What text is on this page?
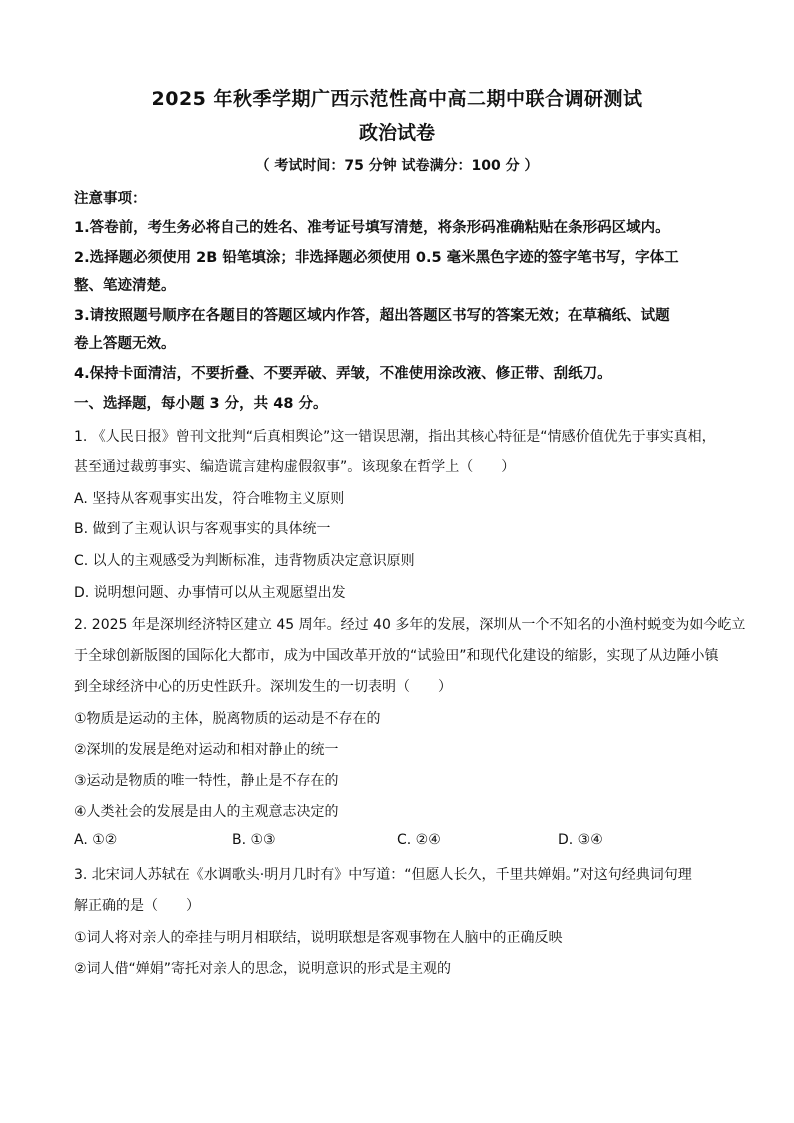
2025 年秋季学期广西示范性高中高二期中联合调研测试
政治试卷
（ 考试时间：75 分钟 试卷满分：100 分 ）
注意事项：
1.答卷前，考生务必将自己的姓名、准考证号填写清楚，将条形码准确粘贴在条形码区域内。
2.选择题必须使用 2B 铅笔填涂；非选择题必须使用 0.5 毫米黑色字迹的签字笔书写，字体工
整、笔迹清楚。
3.请按照题号顺序在各题目的答题区域内作答，超出答题区书写的答案无效；在草稿纸、试题
卷上答题无效。
4.保持卡面清洁，不要折叠、不要弄破、弄皱，不准使用涂改液、修正带、刮纸刀。
一、选择题，每小题 3 分，共 48 分。
1. 《人民日报》曾刊文批判“后真相舆论”这一错误思潮，指出其核心特征是“情感价值优先于事实真相，
甚至通过裁剪事实、编造谎言建构虚假叙事”。该现象在哲学上（　　）
A. 坚持从客观事实出发，符合唯物主义原则
B. 做到了主观认识与客观事实的具体统一
C. 以人的主观感受为判断标准，违背物质决定意识原则
D. 说明想问题、办事情可以从主观愿望出发
2. 2025 年是深圳经济特区建立 45 周年。经过 40 多年的发展，深圳从一个不知名的小渔村蜕变为如今屹立
于全球创新版图的国际化大都市，成为中国改革开放的“试验田”和现代化建设的缩影，实现了从边陲小镇
到全球经济中心的历史性跃升。深圳发生的一切表明（　　）
①物质是运动的主体，脱离物质的运动是不存在的
②深圳的发展是绝对运动和相对静止的统一
③运动是物质的唯一特性，静止是不存在的
④人类社会的发展是由人的主观意志决定的
A. ①②	B. ①③	C. ②④	D. ③④
3. 北宋词人苏轼在《水调歌头·明月几时有》中写道：“但愿人长久，千里共婵娟。”对这句经典词句理
解正确的是（　　）
①词人将对亲人的牵挂与明月相联结，说明联想是客观事物在人脑中的正确反映
②词人借“婵娟”寄托对亲人的思念，说明意识的形式是主观的
